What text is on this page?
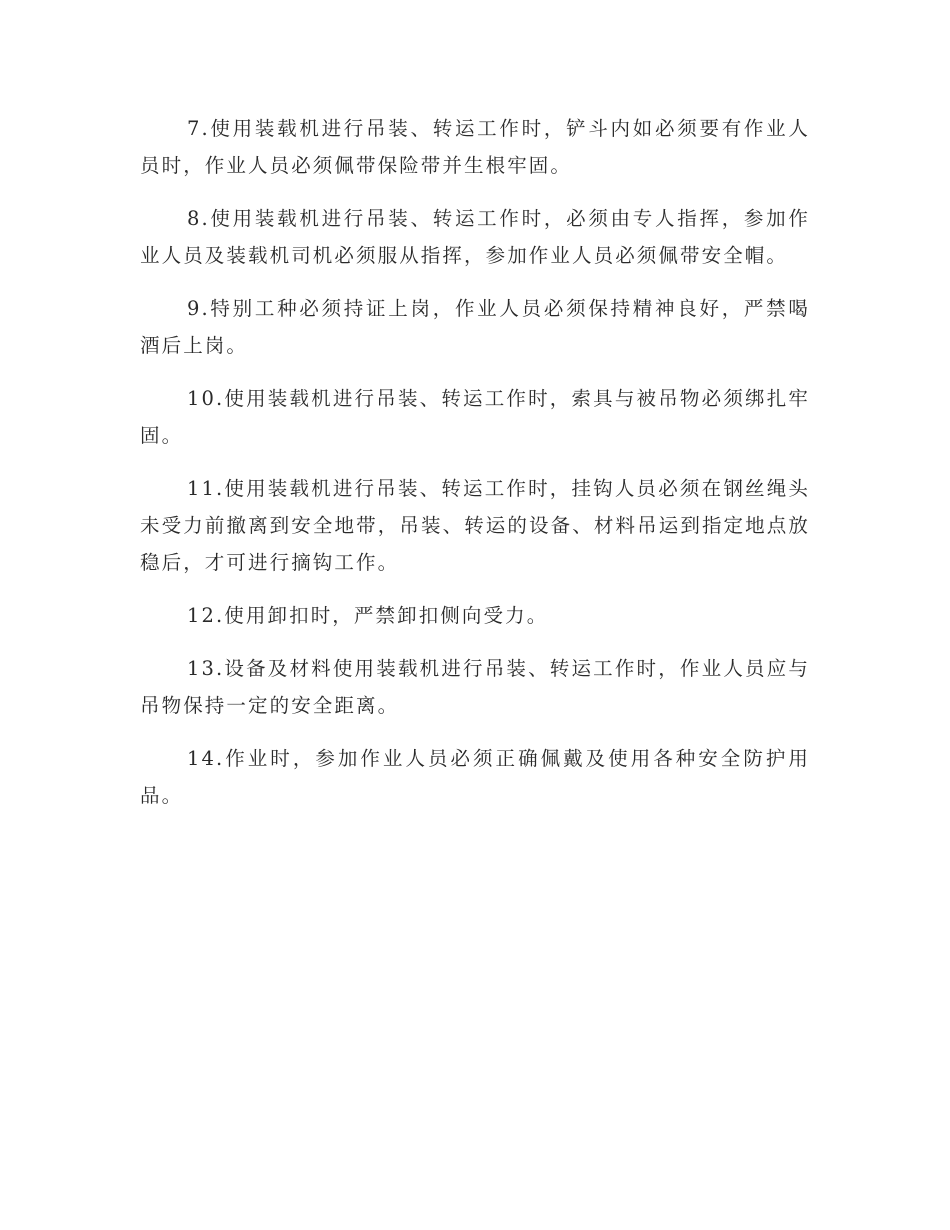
7.使用装载机进行吊装、转运工作时，铲斗内如必须要有作业人员时，作业人员必须佩带保险带并生根牢固。

8.使用装载机进行吊装、转运工作时，必须由专人指挥，参加作业人员及装载机司机必须服从指挥，参加作业人员必须佩带安全帽。

9.特别工种必须持证上岗，作业人员必须保持精神良好，严禁喝酒后上岗。

10.使用装载机进行吊装、转运工作时，索具与被吊物必须绑扎牢固。

11.使用装载机进行吊装、转运工作时，挂钩人员必须在钢丝绳头未受力前撤离到安全地带，吊装、转运的设备、材料吊运到指定地点放稳后，才可进行摘钩工作。

12.使用卸扣时，严禁卸扣侧向受力。

13.设备及材料使用装载机进行吊装、转运工作时，作业人员应与吊物保持一定的安全距离。

14.作业时，参加作业人员必须正确佩戴及使用各种安全防护用品。
